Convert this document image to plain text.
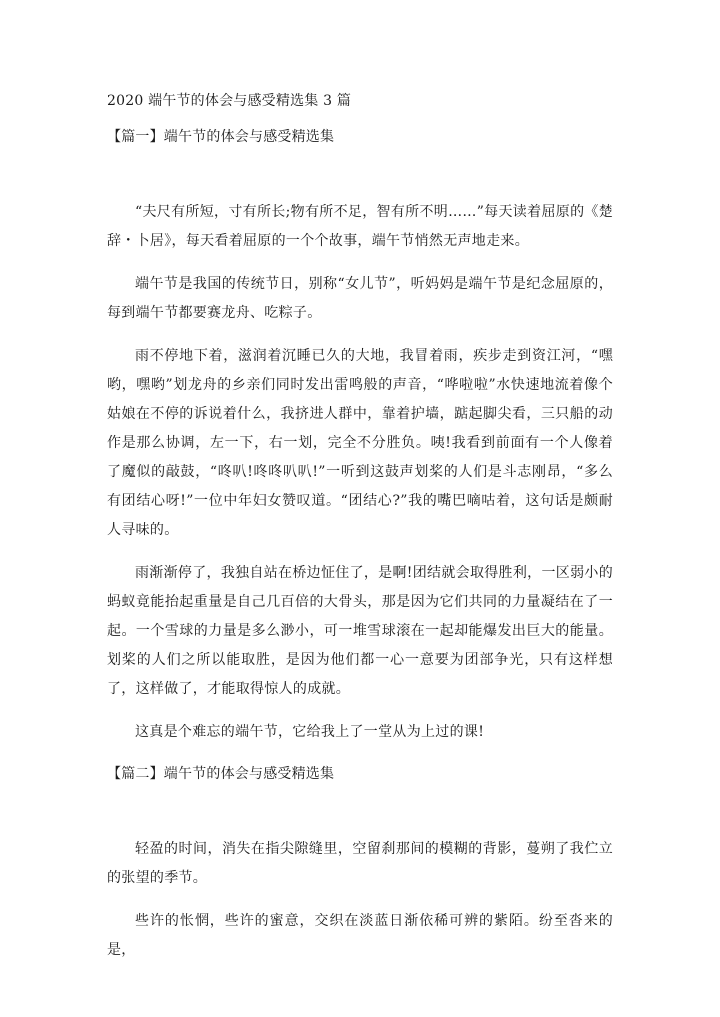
2020 端午节的体会与感受精选集 3 篇
【篇一】端午节的体会与感受精选集

“夫尺有所短，寸有所长;物有所不足，智有所不明……”每天读着屈原的《楚辞・卜居》，每天看着屈原的一个个故事，端午节悄然无声地走来。

端午节是我国的传统节日，别称“女儿节”，听妈妈是端午节是纪念屈原的，每到端午节都要赛龙舟、吃粽子。

雨不停地下着，滋润着沉睡已久的大地，我冒着雨，疾步走到资江河，“嘿哟，嘿哟”划龙舟的乡亲们同时发出雷鸣般的声音，“哗啦啦”水快速地流着像个姑娘在不停的诉说着什么，我挤进人群中，靠着护墙，踮起脚尖看，三只船的动作是那么协调，左一下，右一划，完全不分胜负。咦!我看到前面有一个人像着了魔似的敲鼓，“咚叭!咚咚叭叭!”一听到这鼓声划桨的人们是斗志刚昂，“多么有团结心呀!”一位中年妇女赞叹道。“团结心?”我的嘴巴嘀咕着，这句话是颇耐人寻味的。

雨渐渐停了，我独自站在桥边怔住了，是啊!团结就会取得胜利，一区弱小的蚂蚁竟能抬起重量是自己几百倍的大骨头，那是因为它们共同的力量凝结在了一起。一个雪球的力量是多么渺小，可一堆雪球滚在一起却能爆发出巨大的能量。划桨的人们之所以能取胜，是因为他们都一心一意要为团部争光，只有这样想了，这样做了，才能取得惊人的成就。

这真是个难忘的端午节，它给我上了一堂从为上过的课!

【篇二】端午节的体会与感受精选集

轻盈的时间，消失在指尖隙缝里，空留刹那间的模糊的背影，蔓朔了我伫立的张望的季节。

些许的怅惘，些许的蜜意，交织在淡蓝日渐依稀可辨的紫陌。纷至沓来的是，
